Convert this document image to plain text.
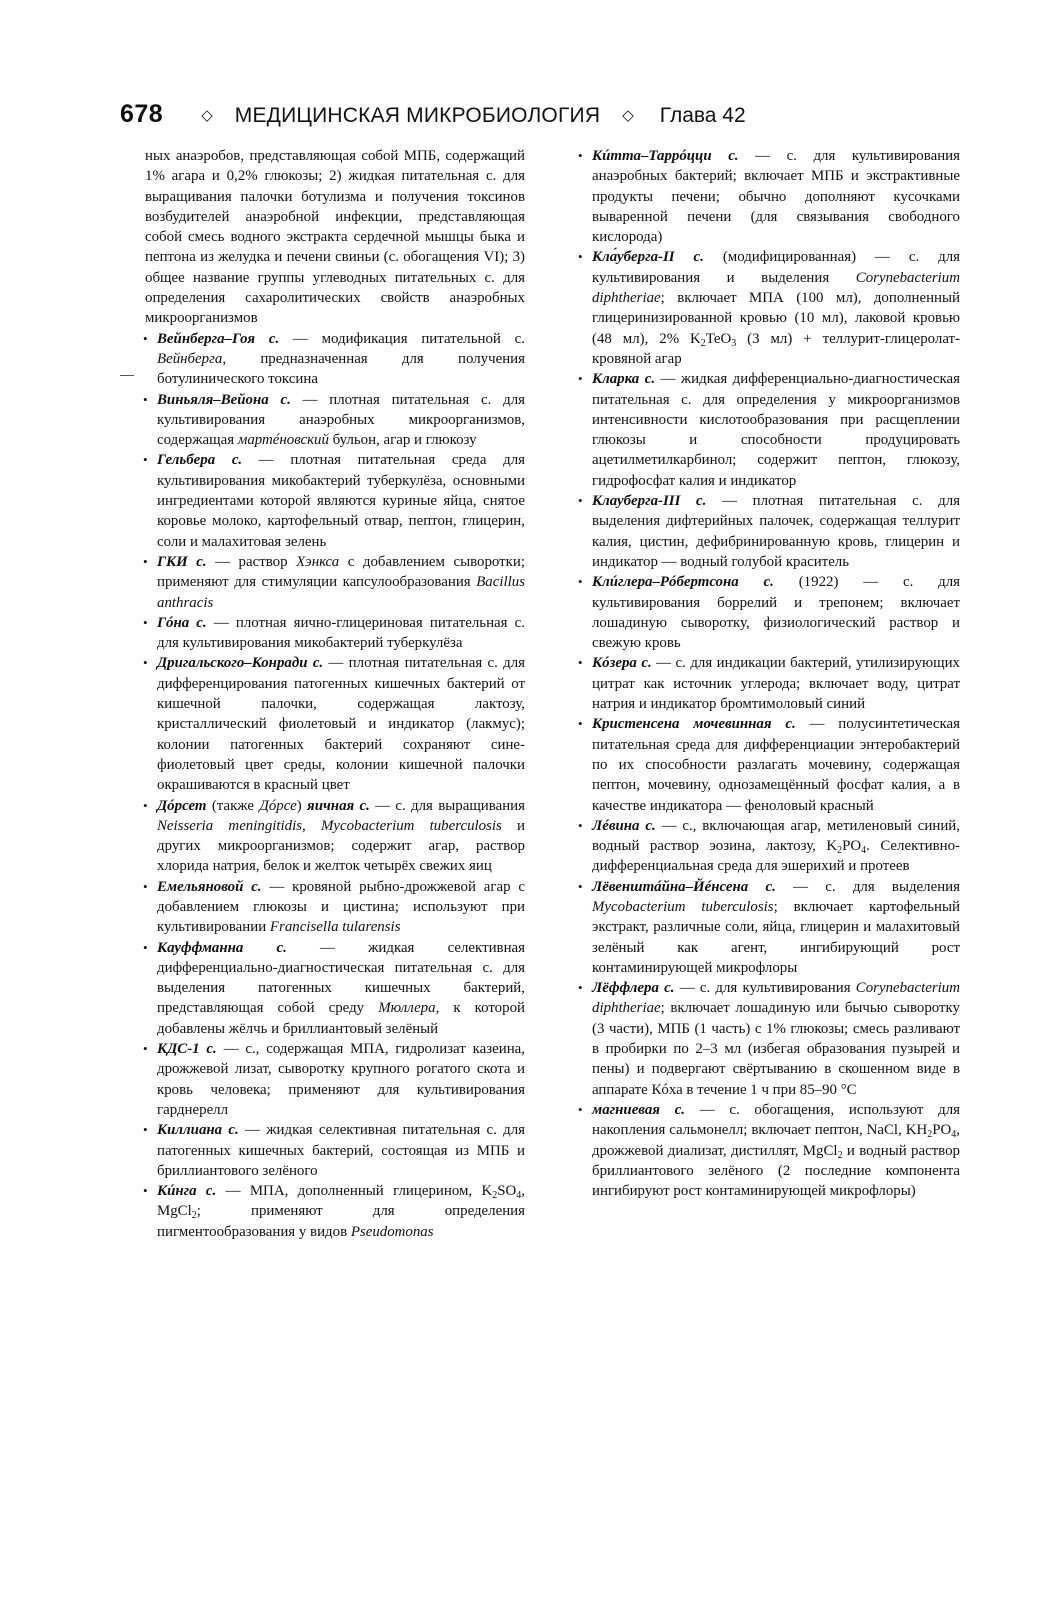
678	◇ МЕДИЦИНСКАЯ МИКРОБИОЛОГИЯ ◇ Глава 42

ных анаэробов, представляющая собой МПБ, содержащий 1% агара и 0,2% глюкозы; 2) жидкая питательная с. для выращивания палочки ботулизма и получения токсинов возбудителей анаэробной инфекции, представляющая собой смесь водного экстракта сердечной мышцы быка и пептона из желудка и печени свиньи (с. обогащения VI); 3) общее название группы углеводных питательных с. для определения сахаролитических свойств анаэробных микроорганизмов

• Вейнберга–Гоя с. — модификация питательной с. Вейнберга, предназначенная для получения ботулинического токсина
• Виньяля–Вейона с. — плотная питательная с. для культивирования анаэробных микроорганизмов, содержащая мартéновский бульон, агар и глюкозу
• Гельбера с. — плотная питательная среда для культивирования микобактерий туберкулёза, основными ингредиентами которой являются куриные яйца, снятое коровье молоко, картофельный отвар, пептон, глицерин, соли и малахитовая зелень
• ГКИ с. — раствор Хэнкса с добавлением сыворотки; применяют для стимуляции капсулообразования Bacillus anthracis
• Гóна с. — плотная яично-глицериновая питательная с. для культивирования микобактерий туберкулёза
• Дригальского–Конради с. — плотная питательная с. для дифференцирования патогенных кишечных бактерий от кишечной палочки, содержащая лактозу, кристаллический фиолетовый и индикатор (лакмус); колонии патогенных бактерий сохраняют сине-фиолетовый цвет среды, колонии кишечной палочки окрашиваются в красный цвет
• Дóрсет (также Дóрсе) яичная с. — с. для выращивания Neisseria meningitidis, Mycobacterium tuberculosis и других микроорганизмов; содержит агар, раствор хлорида натрия, белок и желток четырёх свежих яиц
• Емельяновой с. — кровяной рыбно-дрожжевой агар с добавлением глюкозы и цистина; используют при культивировании Francisella tularensis
• Кауффманна с. — жидкая селективная дифференциально-диагностическая питательная с. для выделения патогенных кишечных бактерий, представляющая собой среду Мюллера, к которой добавлены жёлчь и бриллиантовый зелёный
• КДС-1 с. — с., содержащая МПА, гидролизат казеина, дрожжевой лизат, сыворотку крупного рогатого скота и кровь человека; применяют для культивирования гарднерелл
• Киллиана с. — жидкая селективная питательная с. для патогенных кишечных бактерий, состоящая из МПБ и бриллиантового зелёного
• Кúнга с. — МПА, дополненный глицерином, $K_2SO_4$, MgCl$_2$; применяют для определения пигментообразования у видов Pseudomonas
• Кúтта–Таррóцци с. — с. для культивирования анаэробных бактерий; включает МПБ и экстрактивные продукты печени; обычно дополняют кусочками выварeнной печени (для связывания свободного кислорода)
• Кла́уберга-II с. (модифицированная) — с. для культивирования и выделения Corynebacterium diphtheriae; включает МПА (100 мл), дополненный глицеринизированной кровью (10 мл), лаковой кровью (48 мл), 2% $K_2TeO_3$ (3 мл) + теллурит-глицеролат-кровяной агар
• Кларка с. — жидкая дифференциально-диагностическая питательная с. для определения у микроорганизмов интенсивности кислотообразования при расщеплении глюкозы и способности продуцировать ацетилметилкарбинол; содержит пептон, глюкозу, гидрофосфат калия и индикатор
• Клауберга-III с. — плотная питательная с. для выделения дифтерийных палочек, содержащая теллурит калия, цистин, дефибринированную кровь, глицерин и индикатор — водный голубой краситель
• Клúглера–Рóбертсона с. (1922) — с. для культивирования боррелий и трепонем; включает лошадиную сыворотку, физиологический раствор и свежую кровь
• Кóзера с. — с. для индикации бактерий, утилизирующих цитрат как источник углерода; включает воду, цитрат натрия и индикатор бромтимоловый синий
• Кристенсена мочевинная с. — полусинтетическая питательная среда для дифференциации энтеробактерий по их способности разлагать мочевину, содержащая пептон, мочевину, однозамещённый фосфат калия, а в качестве индикатора — феноловый красный
• Лéвина с. — с., включающая агар, метиленовый синий, водный раствор эозина, лактозу, $K_2PO_4$. Селективно-дифференциальная среда для эшерихий и протеев
• Лёвенштáйна–Йéнсена с. — с. для выделения Mycobacterium tuberculosis; включает картофельный экстракт, различные соли, яйца, глицерин и малахитовый зелёный как агент, ингибирующий рост контаминирующей микрофлоры
• Лёффлера с. — с. для культивирования Corynebacterium diphtheriae; включает лошадиную или бычью сыворотку (3 части), МПБ (1 часть) с 1% глюкозы; смесь разливают в пробирки по 2–3 мл (избегая образования пузырей и пены) и подвергают свёртыванию в скошенном виде в аппарате Кóха в течение 1 ч при 85–90 °С
• магниевая с. — с. обогащения, используют для накопления сальмонелл; включает пептон, NaCl, $KH_2PO_4$, дрожжевой диализат, дистиллят, MgCl$_2$ и водный раствор бриллиантового зелёного (2 последние компонента ингибируют рост контаминирующей микрофлоры)
